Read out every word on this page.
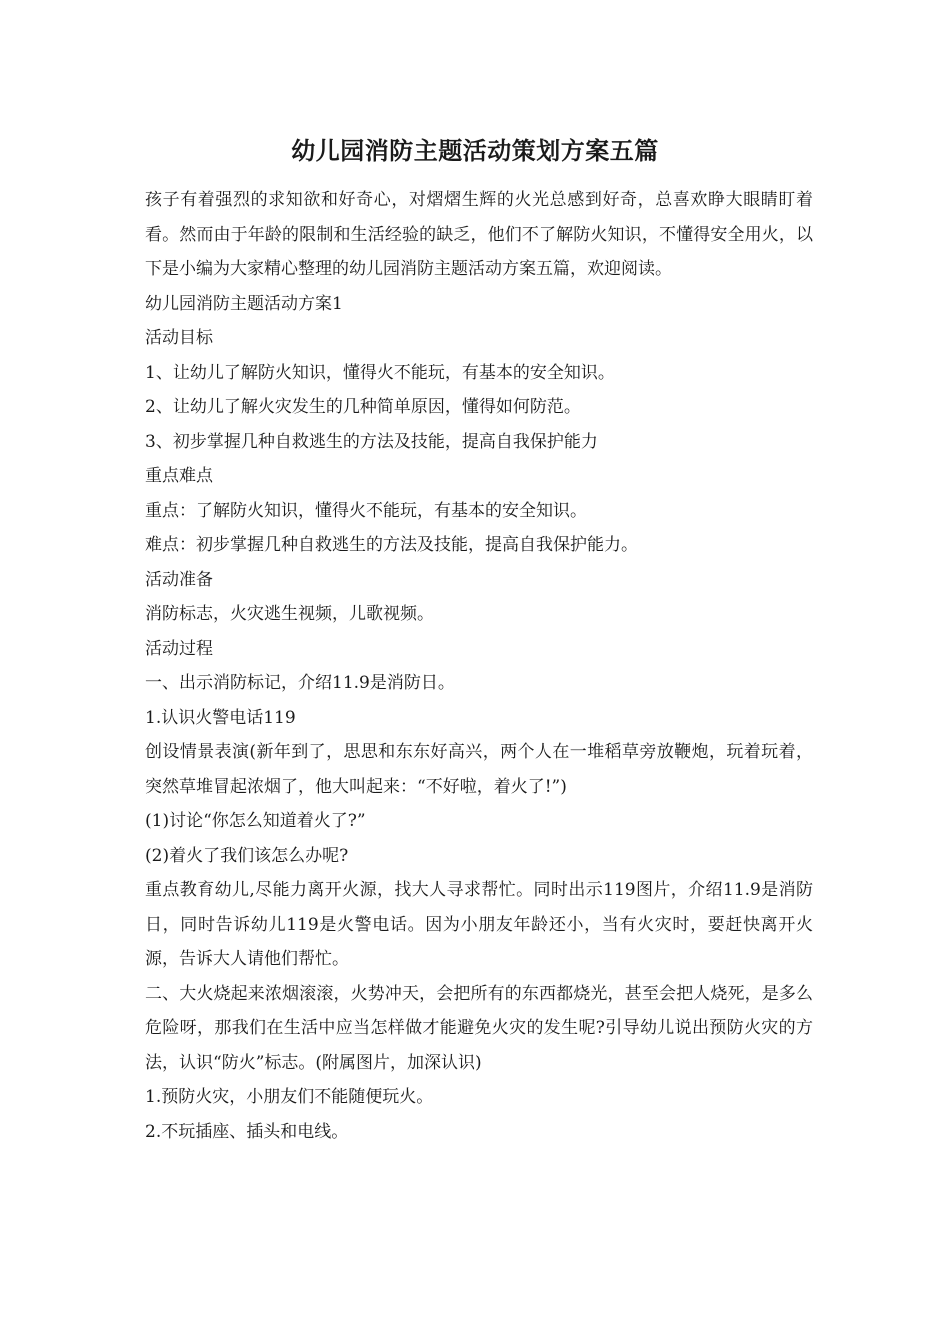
幼儿园消防主题活动策划方案五篇

孩子有着强烈的求知欲和好奇心，对熠熠生辉的火光总感到好奇，总喜欢睁大眼睛盯着看。然而由于年龄的限制和生活经验的缺乏，他们不了解防火知识，不懂得安全用火，以下是小编为大家精心整理的幼儿园消防主题活动方案五篇，欢迎阅读。

幼儿园消防主题活动方案1

活动目标

1、让幼儿了解防火知识，懂得火不能玩，有基本的安全知识。

2、让幼儿了解火灾发生的几种简单原因，懂得如何防范。

3、初步掌握几种自救逃生的方法及技能，提高自我保护能力

重点难点

重点：了解防火知识，懂得火不能玩，有基本的安全知识。

难点：初步掌握几种自救逃生的方法及技能，提高自我保护能力。

活动准备

消防标志，火灾逃生视频，儿歌视频。

活动过程

一、出示消防标记，介绍11.9是消防日。

1.认识火警电话119

创设情景表演(新年到了，思思和东东好高兴，两个人在一堆稻草旁放鞭炮，玩着玩着，突然草堆冒起浓烟了，他大叫起来：“不好啦，着火了!”)

(1)讨论“你怎么知道着火了?”

(2)着火了我们该怎么办呢?

重点教育幼儿,尽能力离开火源，找大人寻求帮忙。同时出示119图片，介绍11.9是消防日，同时告诉幼儿119是火警电话。因为小朋友年龄还小，当有火灾时，要赶快离开火源，告诉大人请他们帮忙。

二、大火烧起来浓烟滚滚，火势冲天，会把所有的东西都烧光，甚至会把人烧死，是多么危险呀，那我们在生活中应当怎样做才能避免火灾的发生呢?引导幼儿说出预防火灾的方法，认识“防火”标志。(附属图片，加深认识)

1.预防火灾，小朋友们不能随便玩火。

2.不玩插座、插头和电线。
